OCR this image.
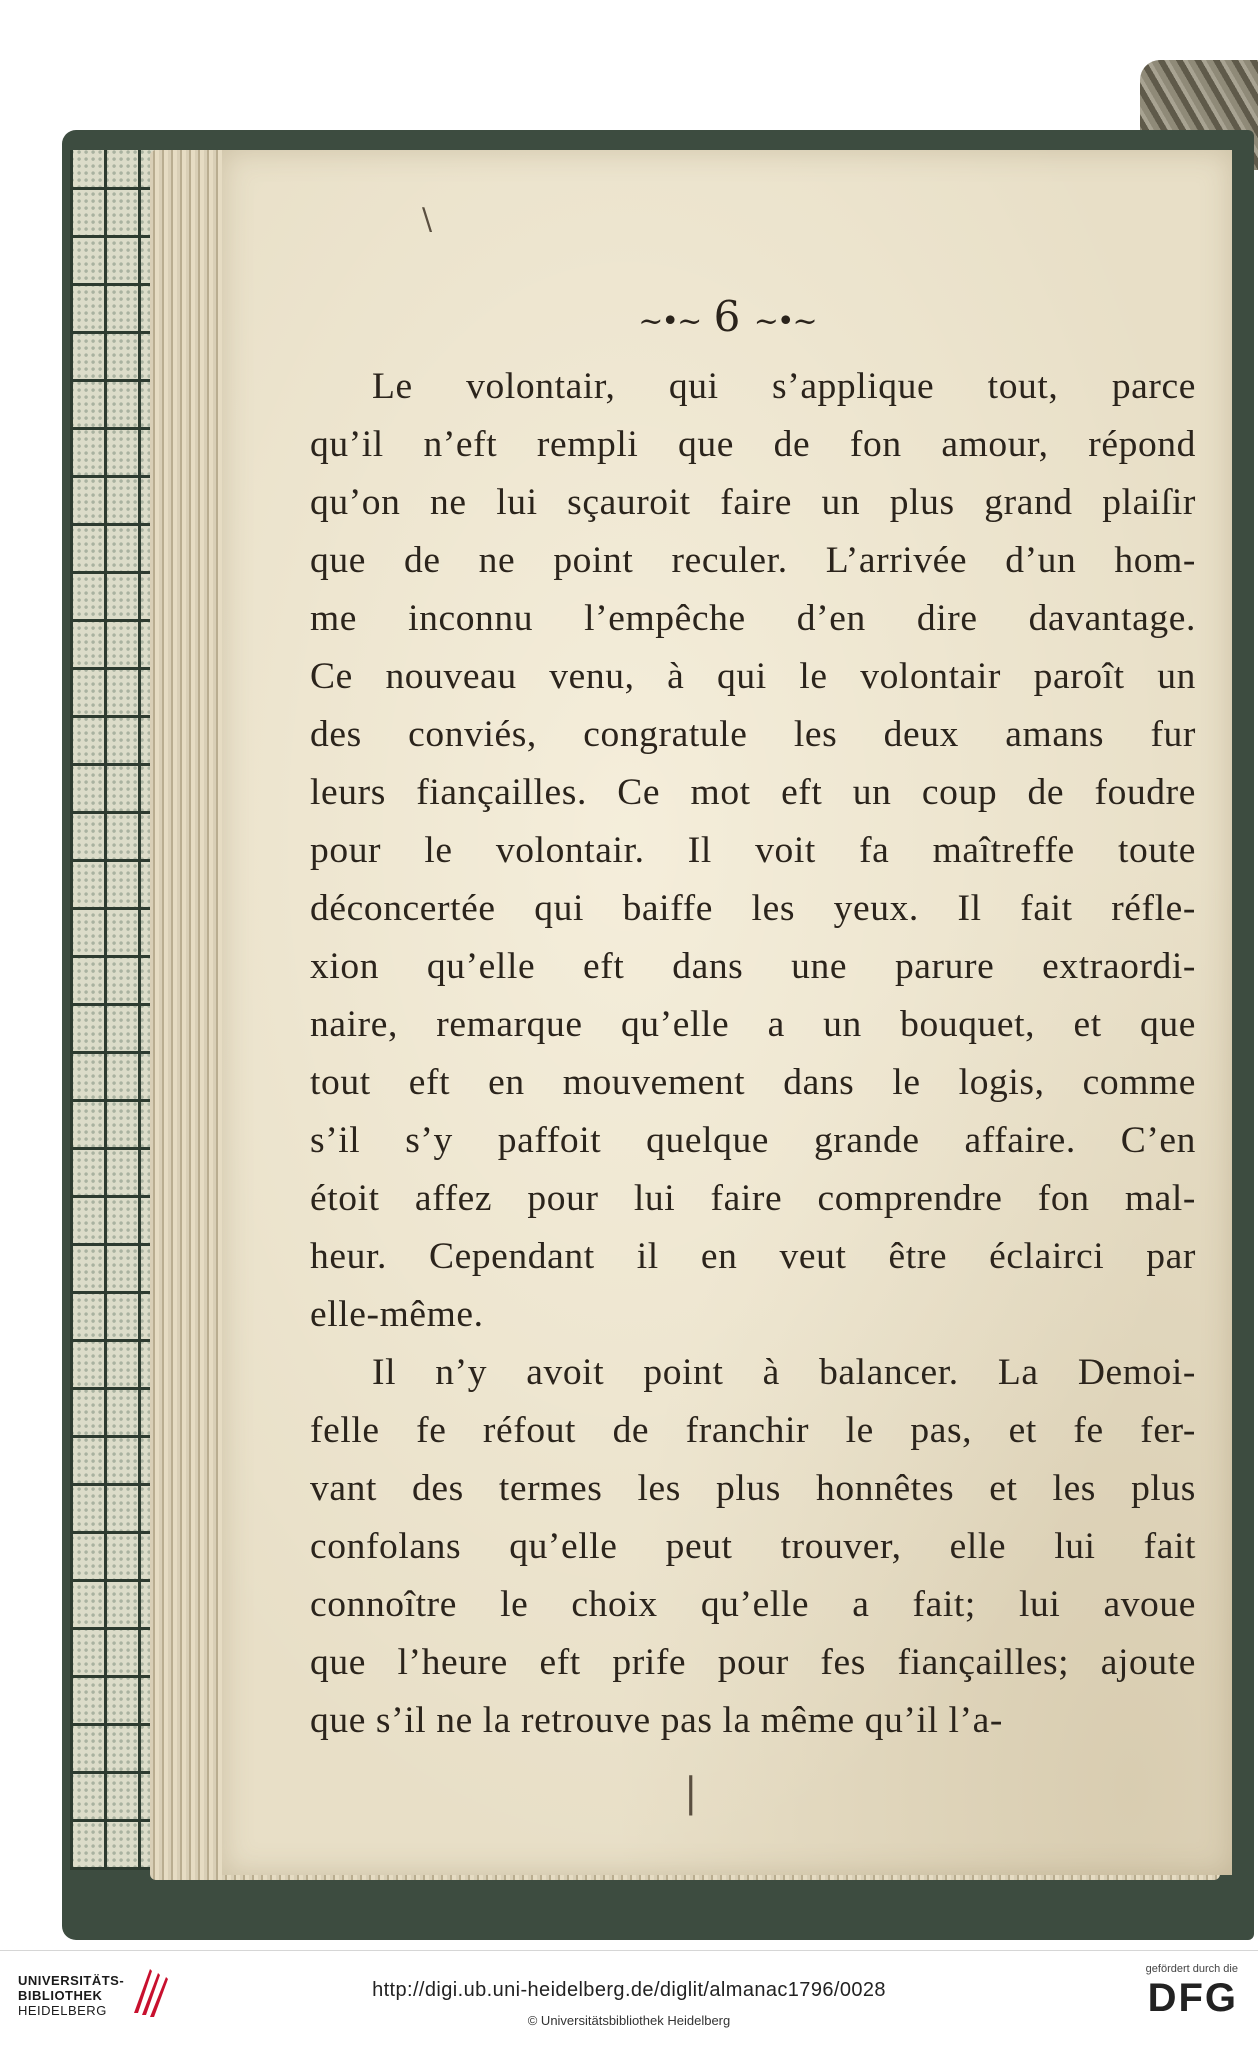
\
~•~ 6 ~•~

Le volontair, qui s’applique tout, parce
qu’il n’eft rempli que de fon amour, répond
qu’on ne lui sçauroit faire un plus grand plaiſir
que de ne point reculer. L’arrivée d’un hom-
me inconnu l’empêche d’en dire davantage.
Ce nouveau venu, à qui le volontair paroît un
des conviés, congratule les deux amans fur
leurs fiançailles. Ce mot eft un coup de foudre
pour le volontair. Il voit fa maîtreffe toute
déconcertée qui baiffe les yeux. Il fait réfle-
xion qu’elle eft dans une parure extraordi-
naire, remarque qu’elle a un bouquet, et que
tout eft en mouvement dans le logis, comme
s’il s’y paffoit quelque grande affaire. C’en
étoit affez pour lui faire comprendre fon mal-
heur. Cependant il en veut être éclairci par
elle-même.

Il n’y avoit point à balancer. La Demoi-
felle fe réfout de franchir le pas, et fe fer-
vant des termes les plus honnêtes et les plus
confolans qu’elle peut trouver, elle lui fait
connoître le choix qu’elle a fait; lui avoue
que l’heure eft prife pour fes fiançailles; ajoute
que s’il ne la retrouve pas la même qu’il l’a-

|
UNIVERSITÄTS-
BIBLIOTHEK
HEIDELBERG
http://digi.ub.uni-heidelberg.de/diglit/almanac1796/0028
© Universitätsbibliothek Heidelberg
gefördert durch die
DFG
